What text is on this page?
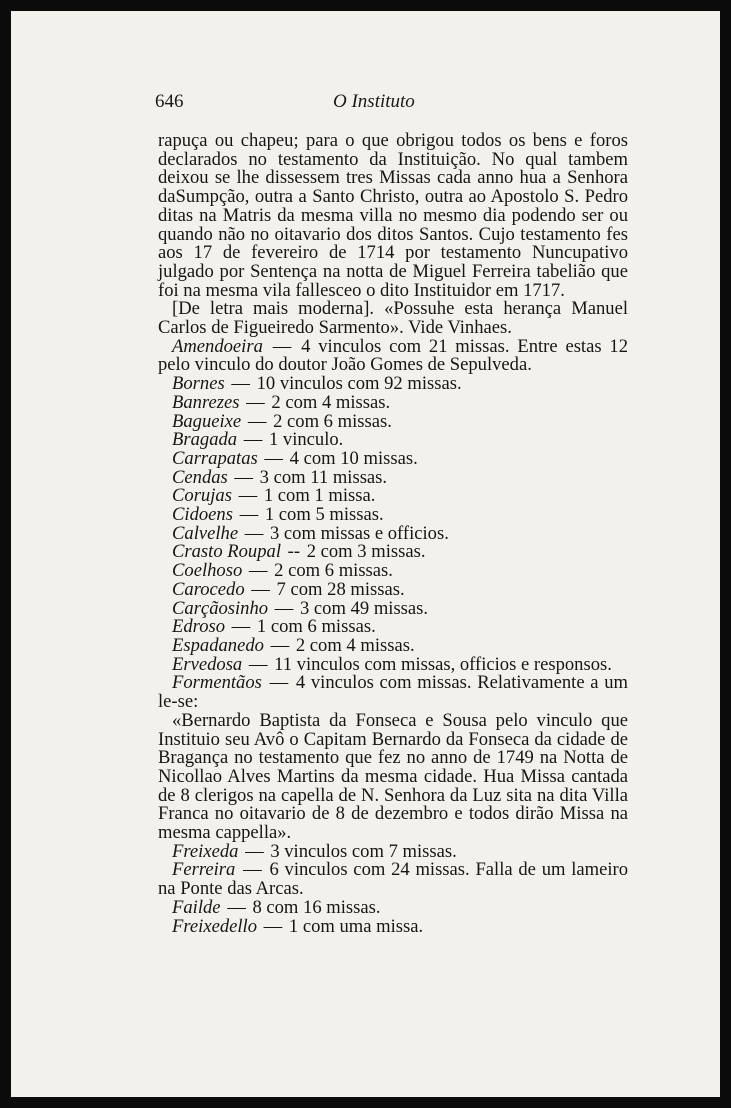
646	O Instituto

rapuça ou chapeu; para o que obrigou todos os bens e foros declarados no testamento da Instituição. No qual tambem deixou se lhe dissessem tres Missas cada anno hua a Senhora daSumpção, outra a Santo Christo, outra ao Apostolo S. Pedro ditas na Matris da mesma villa no mesmo dia podendo ser ou quando não no oitavario dos ditos Santos. Cujo testamento fes aos 17 de fevereiro de 1714 por testamento Nuncupativo julgado por Sentença na notta de Miguel Ferreira tabelião que foi na mesma vila fallesceo o dito Instituidor em 1717.

[De letra mais moderna]. «Possuhe esta herança Manuel Carlos de Figueiredo Sarmento». Vide Vinhaes.

Amendoeira — 4 vinculos com 21 missas. Entre estas 12 pelo vinculo do doutor João Gomes de Sepulveda.

Bornes — 10 vinculos com 92 missas.

Banrezes — 2 com 4 missas.

Bagueixe — 2 com 6 missas.

Bragada — 1 vinculo.

Carrapatas — 4 com 10 missas.

Cendas — 3 com 11 missas.

Corujas — 1 com 1 missa.

Cidoens — 1 com 5 missas.

Calvelhe — 3 com missas e officios.

Crasto Roupal -- 2 com 3 missas.

Coelhoso — 2 com 6 missas.

Carocedo — 7 com 28 missas.

Carçãosinho — 3 com 49 missas.

Edroso — 1 com 6 missas.

Espadanedo — 2 com 4 missas.

Ervedosa — 11 vinculos com missas, officios e responsos.

Formentãos — 4 vinculos com missas. Relativamente a um le-se:

«Bernardo Baptista da Fonseca e Sousa pelo vinculo que Instituio seu Avô o Capitam Bernardo da Fonseca da cidade de Bragança no testamento que fez no anno de 1749 na Notta de Nicollao Alves Martins da mesma cidade. Hua Missa cantada de 8 clerigos na capella de N. Senhora da Luz sita na dita Villa Franca no oitavario de 8 de dezembro e todos dirão Missa na mesma cappella».

Freixeda — 3 vinculos com 7 missas.

Ferreira — 6 vinculos com 24 missas. Falla de um lameiro na Ponte das Arcas.

Failde — 8 com 16 missas.

Freixedello — 1 com uma missa.
